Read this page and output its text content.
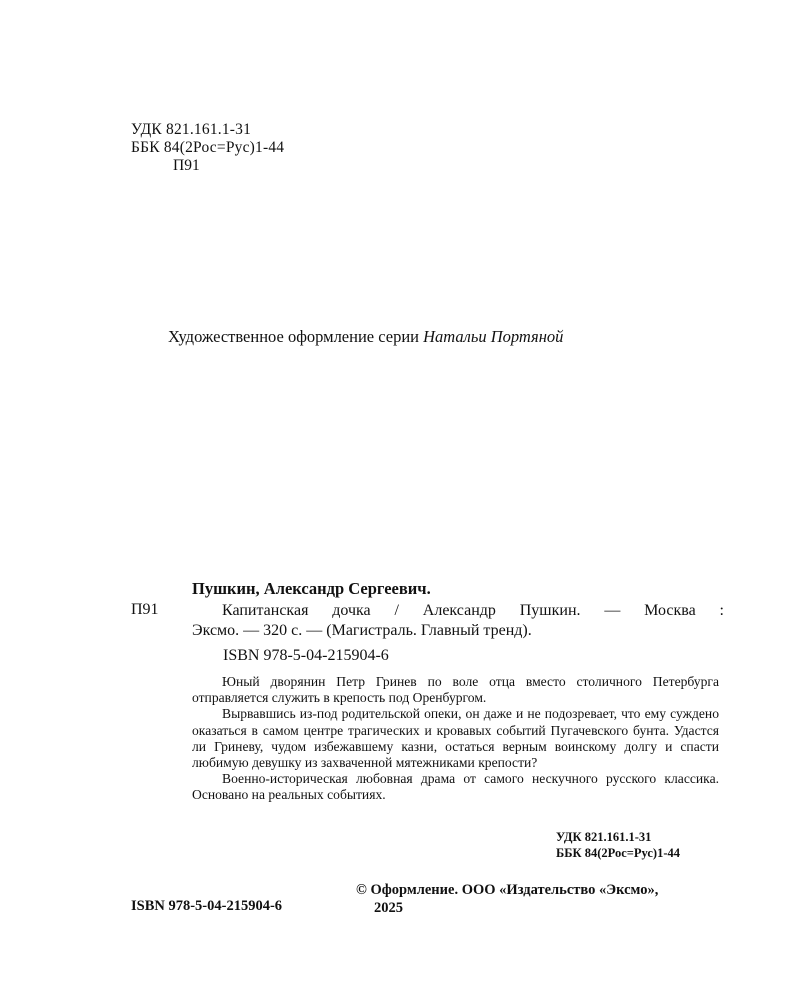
УДК 821.161.1-31
ББК 84(2Рос=Рус)1-44
П91
Художественное оформление серии Натальи Портяной
Пушкин, Александр Сергеевич.
П91	Капитанская дочка / Александр Пушкин. — Москва :
Эксмо. — 320 с. — (Магистраль. Главный тренд).
ISBN 978-5-04-215904-6
Юный дворянин Петр Гринев по воле отца вместо столичного Петербурга отправляется служить в крепость под Оренбургом.
Вырвавшись из-под родительской опеки, он даже и не подозревает, что ему суждено оказаться в самом центре трагических и кровавых событий Пугачевского бунта. Удастся ли Гриневу, чудом избежавшему казни, остаться верным воинскому долгу и спасти любимую девушку из захваченной мятежниками крепости?
Военно-историческая любовная драма от самого нескучного русского классика. Основано на реальных событиях.
УДК 821.161.1-31
ББК 84(2Рос=Рус)1-44
© Оформление. ООО «Издательство «Эксмо»,
2025
ISBN 978-5-04-215904-6
